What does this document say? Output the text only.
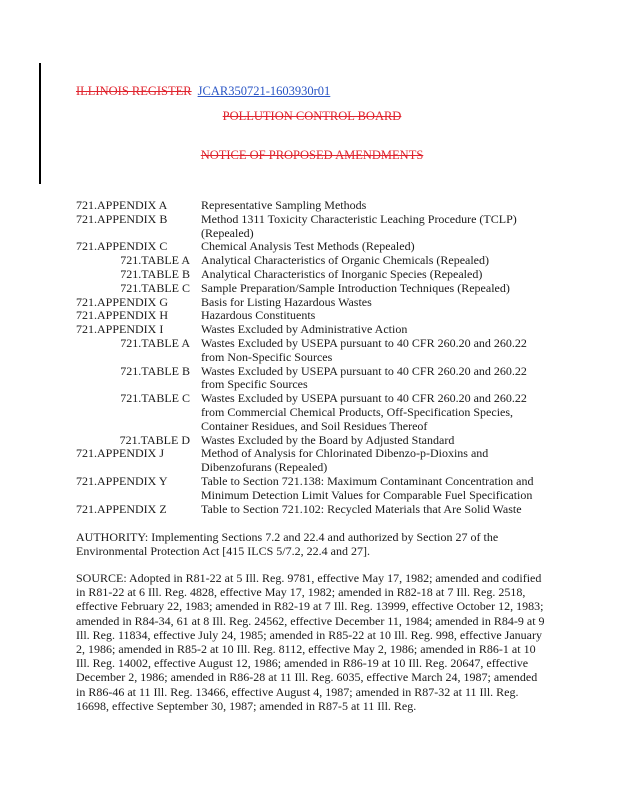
ILLINOIS REGISTER JCAR350721-1603930r01
POLLUTION CONTROL BOARD
NOTICE OF PROPOSED AMENDMENTS
721.APPENDIX A	Representative Sampling Methods
721.APPENDIX B	Method 1311 Toxicity Characteristic Leaching Procedure (TCLP) (Repealed)
721.APPENDIX C	Chemical Analysis Test Methods (Repealed)
721.TABLE A Analytical Characteristics of Organic Chemicals (Repealed)
721.TABLE B Analytical Characteristics of Inorganic Species (Repealed)
721.TABLE C Sample Preparation/Sample Introduction Techniques (Repealed)
721.APPENDIX G	Basis for Listing Hazardous Wastes
721.APPENDIX H	Hazardous Constituents
721.APPENDIX I	Wastes Excluded by Administrative Action
721.TABLE A Wastes Excluded by USEPA pursuant to 40 CFR 260.20 and 260.22 from Non-Specific Sources
721.TABLE B Wastes Excluded by USEPA pursuant to 40 CFR 260.20 and 260.22 from Specific Sources
721.TABLE C Wastes Excluded by USEPA pursuant to 40 CFR 260.20 and 260.22 from Commercial Chemical Products, Off-Specification Species, Container Residues, and Soil Residues Thereof
721.TABLE D Wastes Excluded by the Board by Adjusted Standard
721.APPENDIX J	Method of Analysis for Chlorinated Dibenzo-p-Dioxins and Dibenzofurans (Repealed)
721.APPENDIX Y	Table to Section 721.138: Maximum Contaminant Concentration and Minimum Detection Limit Values for Comparable Fuel Specification
721.APPENDIX Z	Table to Section 721.102: Recycled Materials that Are Solid Waste
AUTHORITY: Implementing Sections 7.2 and 22.4 and authorized by Section 27 of the Environmental Protection Act [415 ILCS 5/7.2, 22.4 and 27].
SOURCE: Adopted in R81-22 at 5 Ill. Reg. 9781, effective May 17, 1982; amended and codified in R81-22 at 6 Ill. Reg. 4828, effective May 17, 1982; amended in R82-18 at 7 Ill. Reg. 2518, effective February 22, 1983; amended in R82-19 at 7 Ill. Reg. 13999, effective October 12, 1983; amended in R84-34, 61 at 8 Ill. Reg. 24562, effective December 11, 1984; amended in R84-9 at 9 Ill. Reg. 11834, effective July 24, 1985; amended in R85-22 at 10 Ill. Reg. 998, effective January 2, 1986; amended in R85-2 at 10 Ill. Reg. 8112, effective May 2, 1986; amended in R86-1 at 10 Ill. Reg. 14002, effective August 12, 1986; amended in R86-19 at 10 Ill. Reg. 20647, effective December 2, 1986; amended in R86-28 at 11 Ill. Reg. 6035, effective March 24, 1987; amended in R86-46 at 11 Ill. Reg. 13466, effective August 4, 1987; amended in R87-32 at 11 Ill. Reg. 16698, effective September 30, 1987; amended in R87-5 at 11 Ill. Reg.
